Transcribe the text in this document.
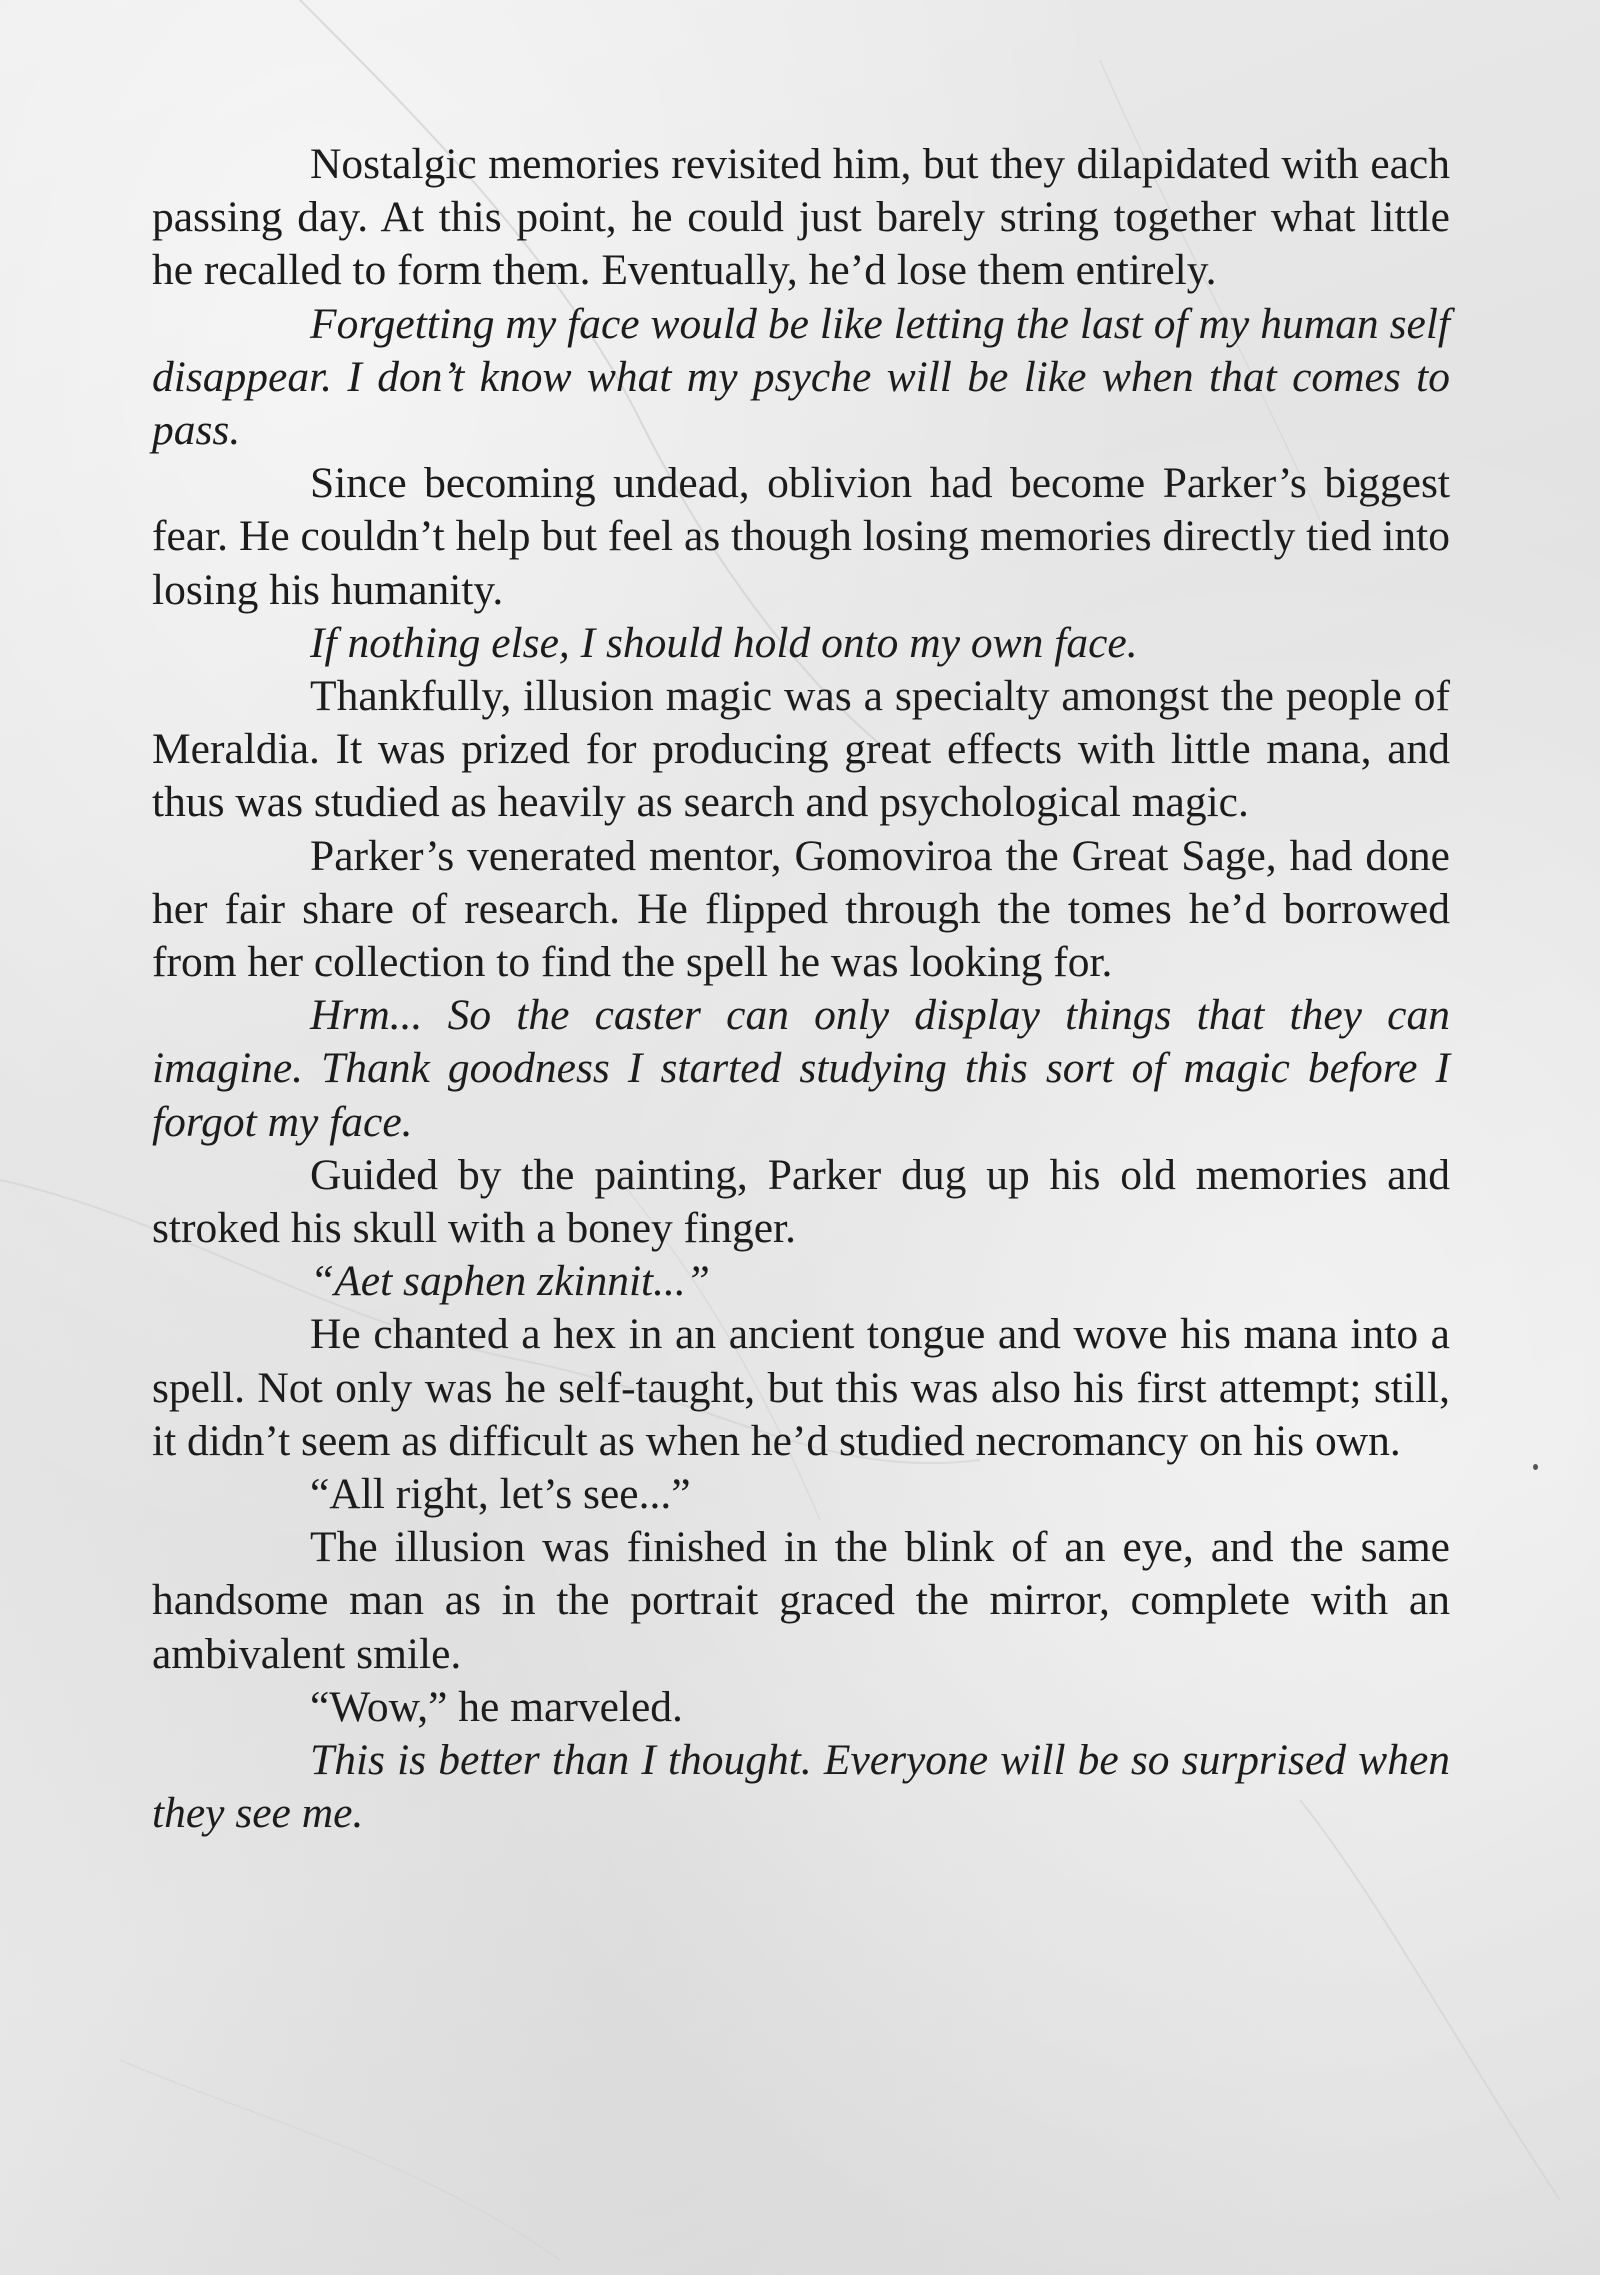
Nostalgic memories revisited him, but they dilapidated with each passing day. At this point, he could just barely string together what little he recalled to form them. Eventually, he’d lose them entirely.

Forgetting my face would be like letting the last of my human self disappear. I don’t know what my psyche will be like when that comes to pass.

Since becoming undead, oblivion had become Parker’s biggest fear. He couldn’t help but feel as though losing memories directly tied into losing his humanity.

If nothing else, I should hold onto my own face.

Thankfully, illusion magic was a specialty amongst the people of Meraldia. It was prized for producing great effects with little mana, and thus was studied as heavily as search and psychological magic.

Parker’s venerated mentor, Gomoviroa the Great Sage, had done her fair share of research. He flipped through the tomes he’d borrowed from her collection to find the spell he was looking for.

Hrm... So the caster can only display things that they can imagine. Thank goodness I started studying this sort of magic before I forgot my face.

Guided by the painting, Parker dug up his old memories and stroked his skull with a boney finger.

“Aet saphen zkinnit...”

He chanted a hex in an ancient tongue and wove his mana into a spell. Not only was he self-taught, but this was also his first attempt; still, it didn’t seem as difficult as when he’d studied necromancy on his own.

“All right, let’s see...”

The illusion was finished in the blink of an eye, and the same handsome man as in the portrait graced the mirror, complete with an ambivalent smile.

“Wow,” he marveled.

This is better than I thought. Everyone will be so surprised when they see me.
